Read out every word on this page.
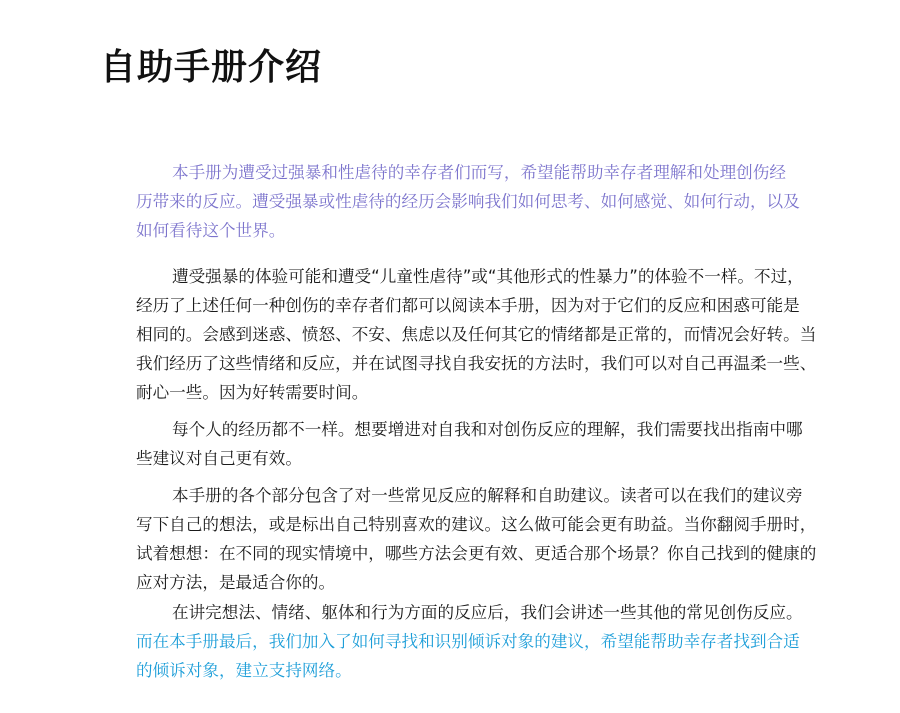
自助手册介绍
本手册为遭受过强暴和性虐待的幸存者们而写，希望能帮助幸存者理解和处理创伤经
历带来的反应。遭受强暴或性虐待的经历会影响我们如何思考、如何感觉、如何行动，以及
如何看待这个世界。
遭受强暴的体验可能和遭受“儿童性虐待”或“其他形式的性暴力”的体验不一样。不过，
经历了上述任何一种创伤的幸存者们都可以阅读本手册，因为对于它们的反应和困惑可能是
相同的。会感到迷惑、愤怒、不安、焦虑以及任何其它的情绪都是正常的，而情况会好转。当
我们经历了这些情绪和反应，并在试图寻找自我安抚的方法时，我们可以对自己再温柔一些、
耐心一些。因为好转需要时间。
每个人的经历都不一样。想要增进对自我和对创伤反应的理解，我们需要找出指南中哪
些建议对自己更有效。
本手册的各个部分包含了对一些常见反应的解释和自助建议。读者可以在我们的建议旁
写下自己的想法，或是标出自己特别喜欢的建议。这么做可能会更有助益。当你翻阅手册时，
试着想想：在不同的现实情境中，哪些方法会更有效、更适合那个场景？你自己找到的健康的
应对方法，是最适合你的。
在讲完想法、情绪、躯体和行为方面的反应后，我们会讲述一些其他的常见创伤反应。
而在本手册最后，我们加入了如何寻找和识别倾诉对象的建议，希望能帮助幸存者找到合适
的倾诉对象，建立支持网络。
